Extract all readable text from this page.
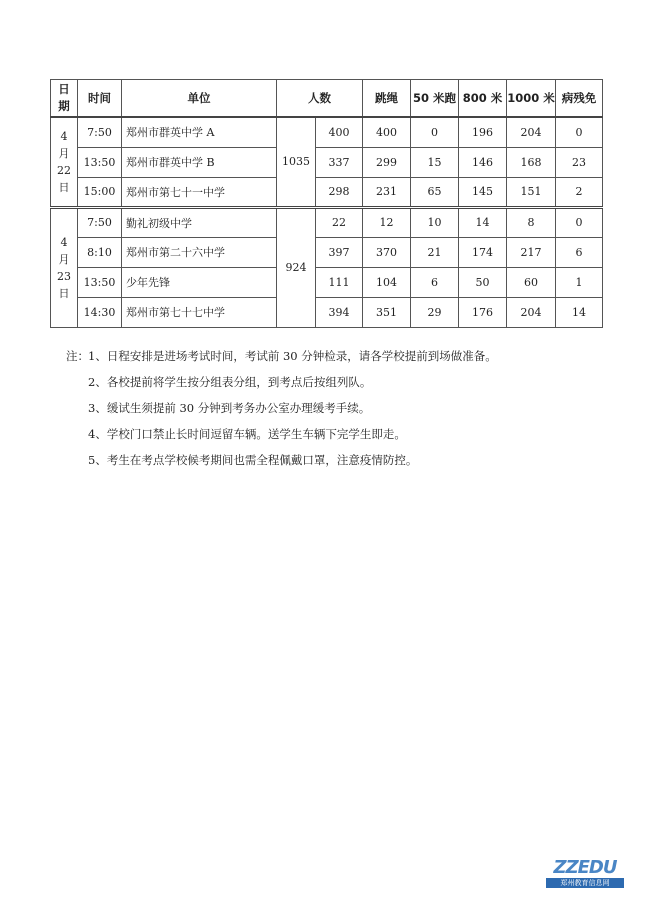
日
期	时间	单位	人数		跳绳	50 米跑	800 米	1000 米	病残免
4
月
22
日	7:50	郑州市群英中学 A	1035	400	400	0	196	204	0
	13:50	郑州市群英中学 B		337	299	15	146	168	23
	15:00	郑州市第七十一中学		298	231	65	145	151	2
4
月
23
日	7:50	勤礼初级中学	924	22	12	10	14	8	0
	8:10	郑州市第二十六中学		397	370	21	174	217	6
	13:50	少年先锋		111	104	6	50	60	1
	14:30	郑州市第七十七中学		394	351	29	176	204	14

注：1、日程安排是进场考试时间，考试前 30 分钟检录，请各学校提前到场做准备。

2、各校提前将学生按分组表分组，到考点后按组列队。

3、缓试生须提前 30 分钟到考务办公室办理缓考手续。

4、学校门口禁止长时间逗留车辆。送学生车辆下完学生即走。

5、考生在考点学校候考期间也需全程佩戴口罩，注意疫情防控。

ZZEDU
郑州教育信息网
